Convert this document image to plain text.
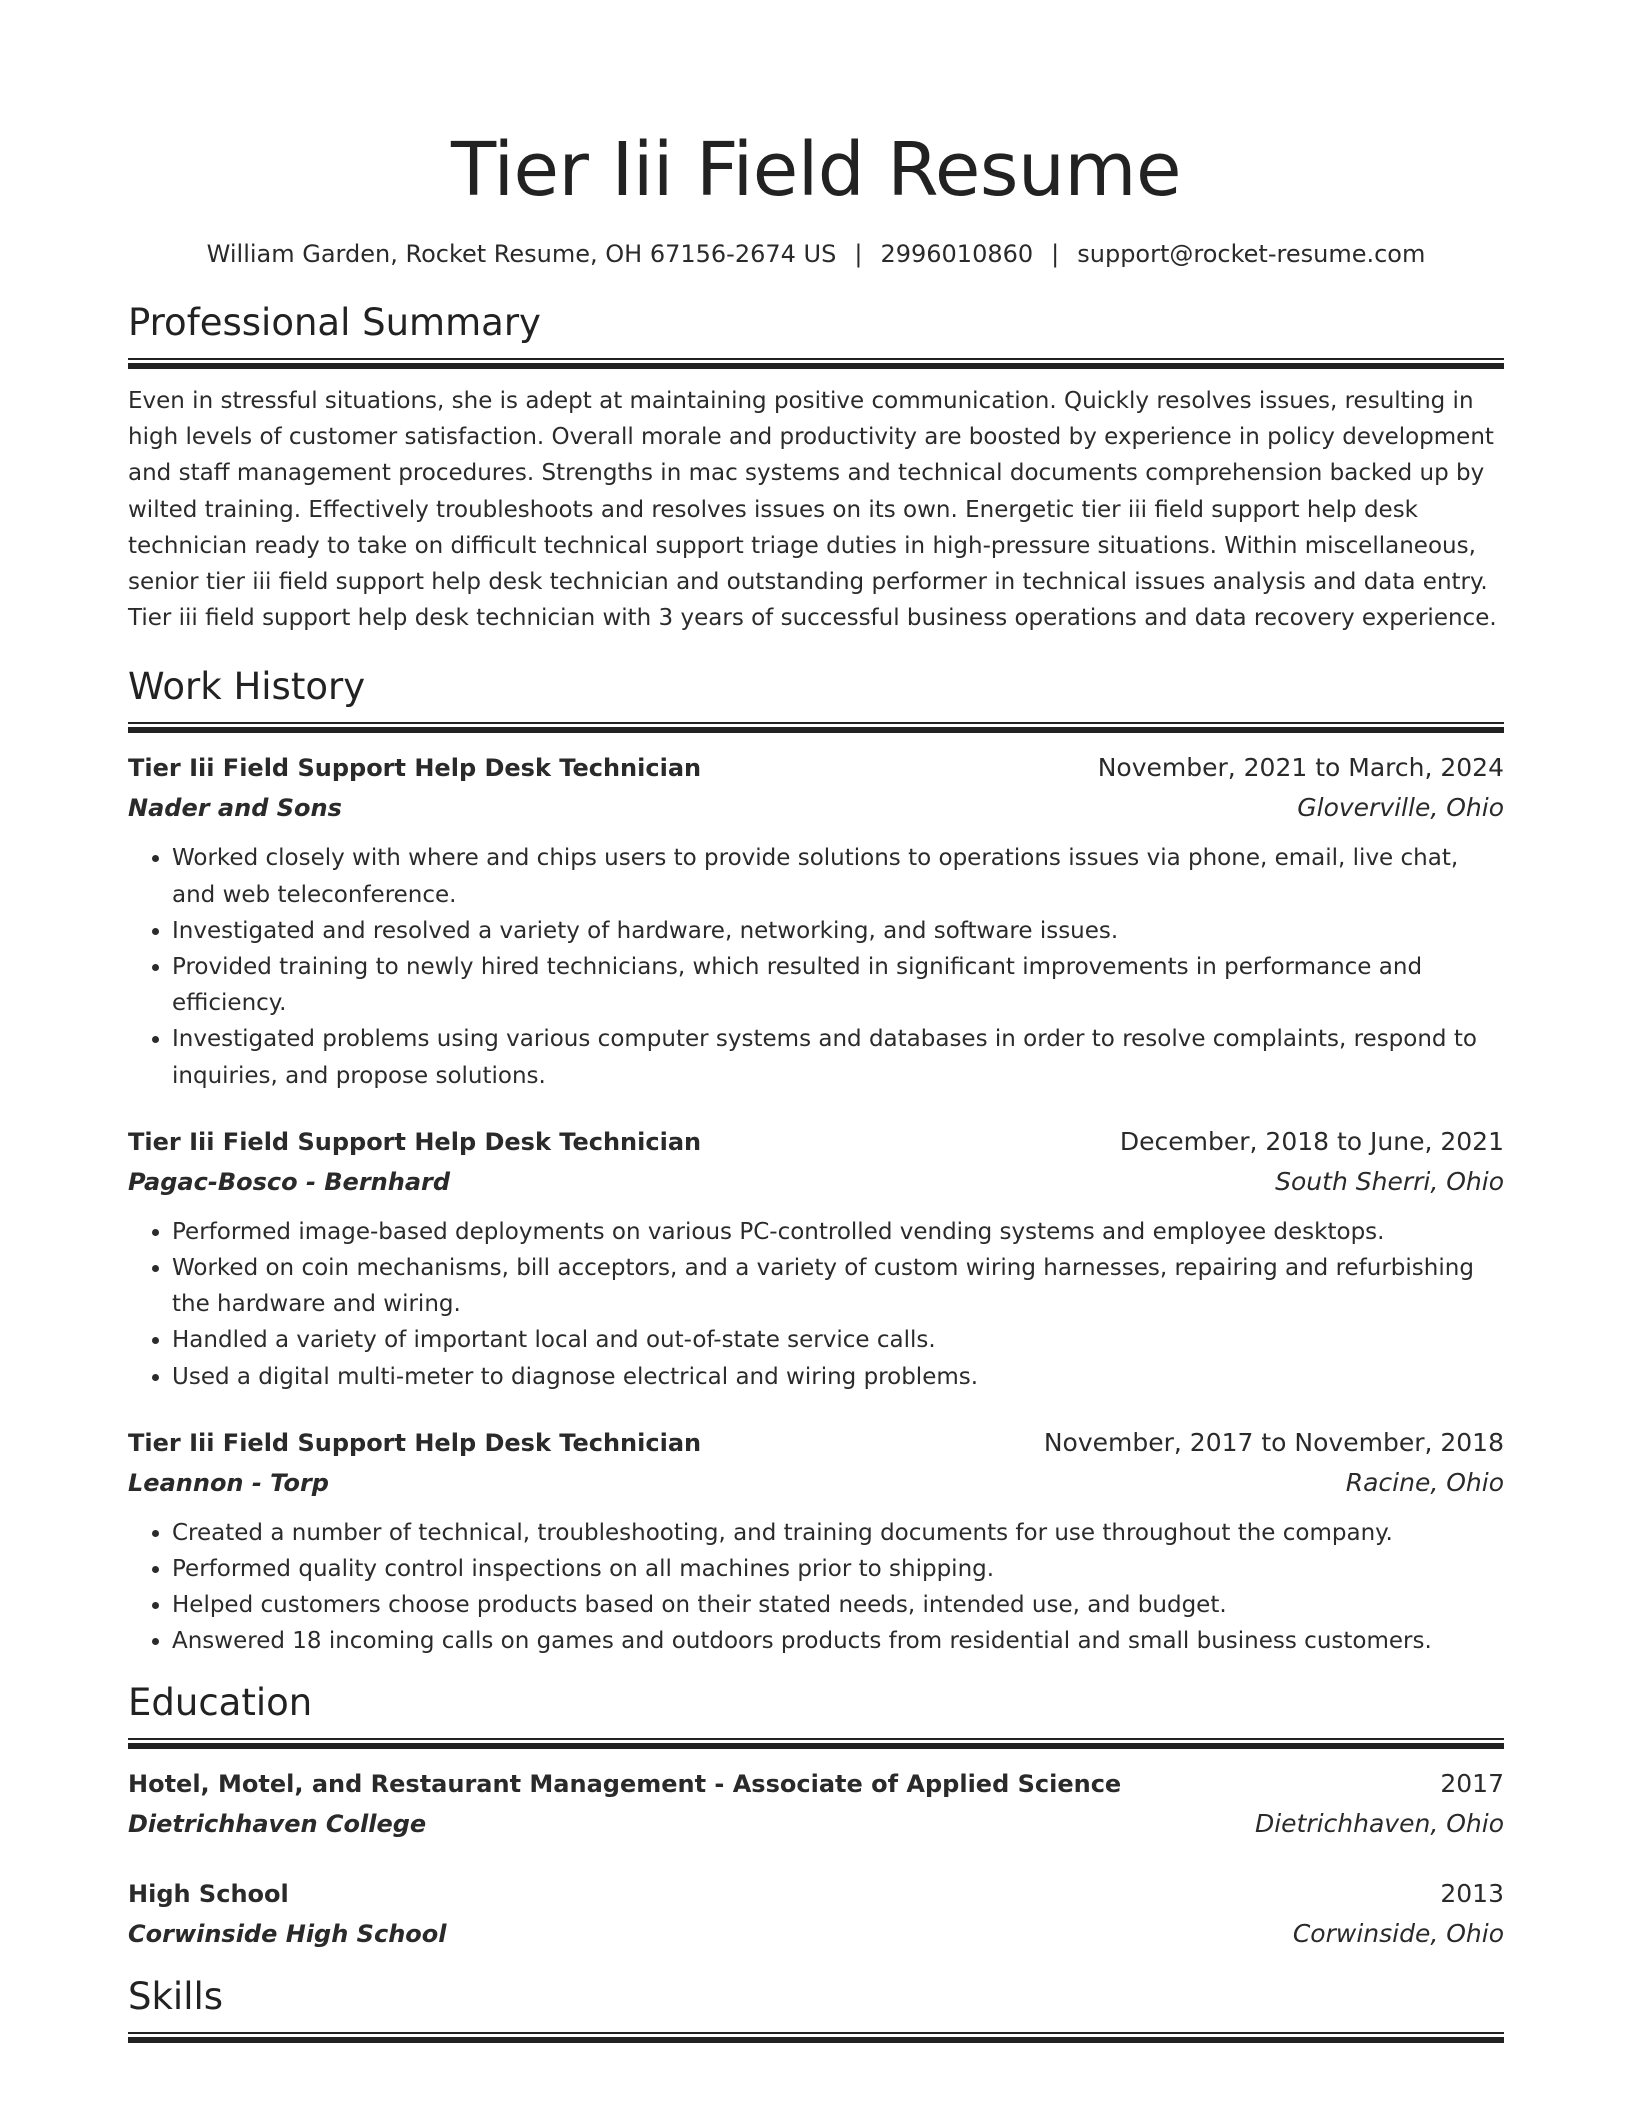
Tier Iii Field Resume
William Garden, Rocket Resume, OH 67156-2674 US | 2996010860 | support@rocket-resume.com
Professional Summary

Even in stressful situations, she is adept at maintaining positive communication. Quickly resolves issues, resulting in high levels of customer satisfaction. Overall morale and productivity are boosted by experience in policy development and staff management procedures. Strengths in mac systems and technical documents comprehension backed up by wilted training. Effectively troubleshoots and resolves issues on its own. Energetic tier iii field support help desk technician ready to take on difficult technical support triage duties in high-pressure situations. Within miscellaneous, senior tier iii field support help desk technician and outstanding performer in technical issues analysis and data entry. Tier iii field support help desk technician with 3 years of successful business operations and data recovery experience.

Work History
Tier Iii Field Support Help Desk Technician	November, 2021 to March, 2024
Nader and Sons	Gloverville, Ohio
• Worked closely with where and chips users to provide solutions to operations issues via phone, email, live chat, and web teleconference.
• Investigated and resolved a variety of hardware, networking, and software issues.
• Provided training to newly hired technicians, which resulted in significant improvements in performance and efficiency.
• Investigated problems using various computer systems and databases in order to resolve complaints, respond to inquiries, and propose solutions.
Tier Iii Field Support Help Desk Technician	December, 2018 to June, 2021
Pagac-Bosco - Bernhard	South Sherri, Ohio
• Performed image-based deployments on various PC-controlled vending systems and employee desktops.
• Worked on coin mechanisms, bill acceptors, and a variety of custom wiring harnesses, repairing and refurbishing the hardware and wiring.
• Handled a variety of important local and out-of-state service calls.
• Used a digital multi-meter to diagnose electrical and wiring problems.
Tier Iii Field Support Help Desk Technician	November, 2017 to November, 2018
Leannon - Torp	Racine, Ohio
• Created a number of technical, troubleshooting, and training documents for use throughout the company.
• Performed quality control inspections on all machines prior to shipping.
• Helped customers choose products based on their stated needs, intended use, and budget.
• Answered 18 incoming calls on games and outdoors products from residential and small business customers.
Education
Hotel, Motel, and Restaurant Management - Associate of Applied Science	2017
Dietrichhaven College	Dietrichhaven, Ohio
High School	2013
Corwinside High School	Corwinside, Ohio
Skills
